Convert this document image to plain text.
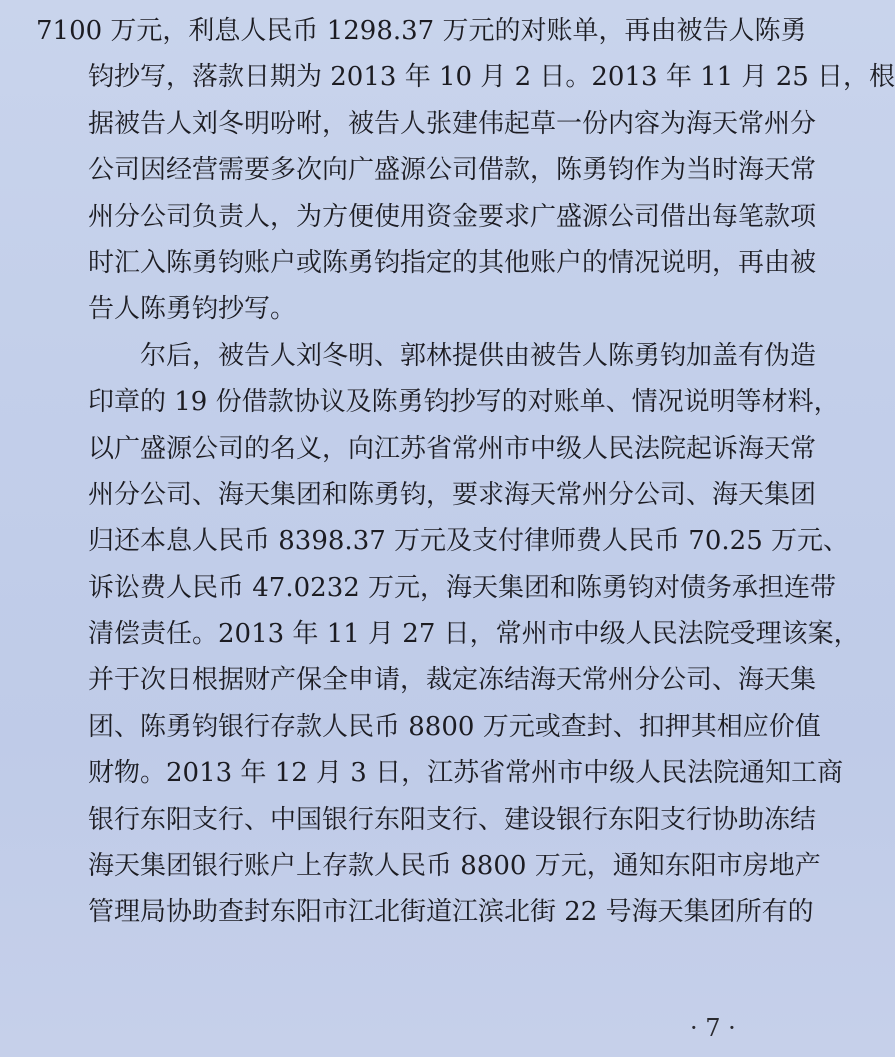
7100 万元，利息人民币 1298.37 万元的对账单，再由被告人陈勇
钧抄写，落款日期为 2013 年 10 月 2 日。2013 年 11 月 25 日，根
据被告人刘冬明吩咐，被告人张建伟起草一份内容为海天常州分
公司因经营需要多次向广盛源公司借款，陈勇钧作为当时海天常
州分公司负责人，为方便使用资金要求广盛源公司借出每笔款项
时汇入陈勇钧账户或陈勇钧指定的其他账户的情况说明，再由被
告人陈勇钧抄写。
尔后，被告人刘冬明、郭林提供由被告人陈勇钧加盖有伪造
印章的 19 份借款协议及陈勇钧抄写的对账单、情况说明等材料，
以广盛源公司的名义，向江苏省常州市中级人民法院起诉海天常
州分公司、海天集团和陈勇钧，要求海天常州分公司、海天集团
归还本息人民币 8398.37 万元及支付律师费人民币 70.25 万元、
诉讼费人民币 47.0232 万元，海天集团和陈勇钧对债务承担连带
清偿责任。2013 年 11 月 27 日，常州市中级人民法院受理该案，
并于次日根据财产保全申请，裁定冻结海天常州分公司、海天集
团、陈勇钧银行存款人民币 8800 万元或查封、扣押其相应价值
财物。2013 年 12 月 3 日，江苏省常州市中级人民法院通知工商
银行东阳支行、中国银行东阳支行、建设银行东阳支行协助冻结
海天集团银行账户上存款人民币 8800 万元，通知东阳市房地产
管理局协助查封东阳市江北街道江滨北街 22 号海天集团所有的
· 7 ·
